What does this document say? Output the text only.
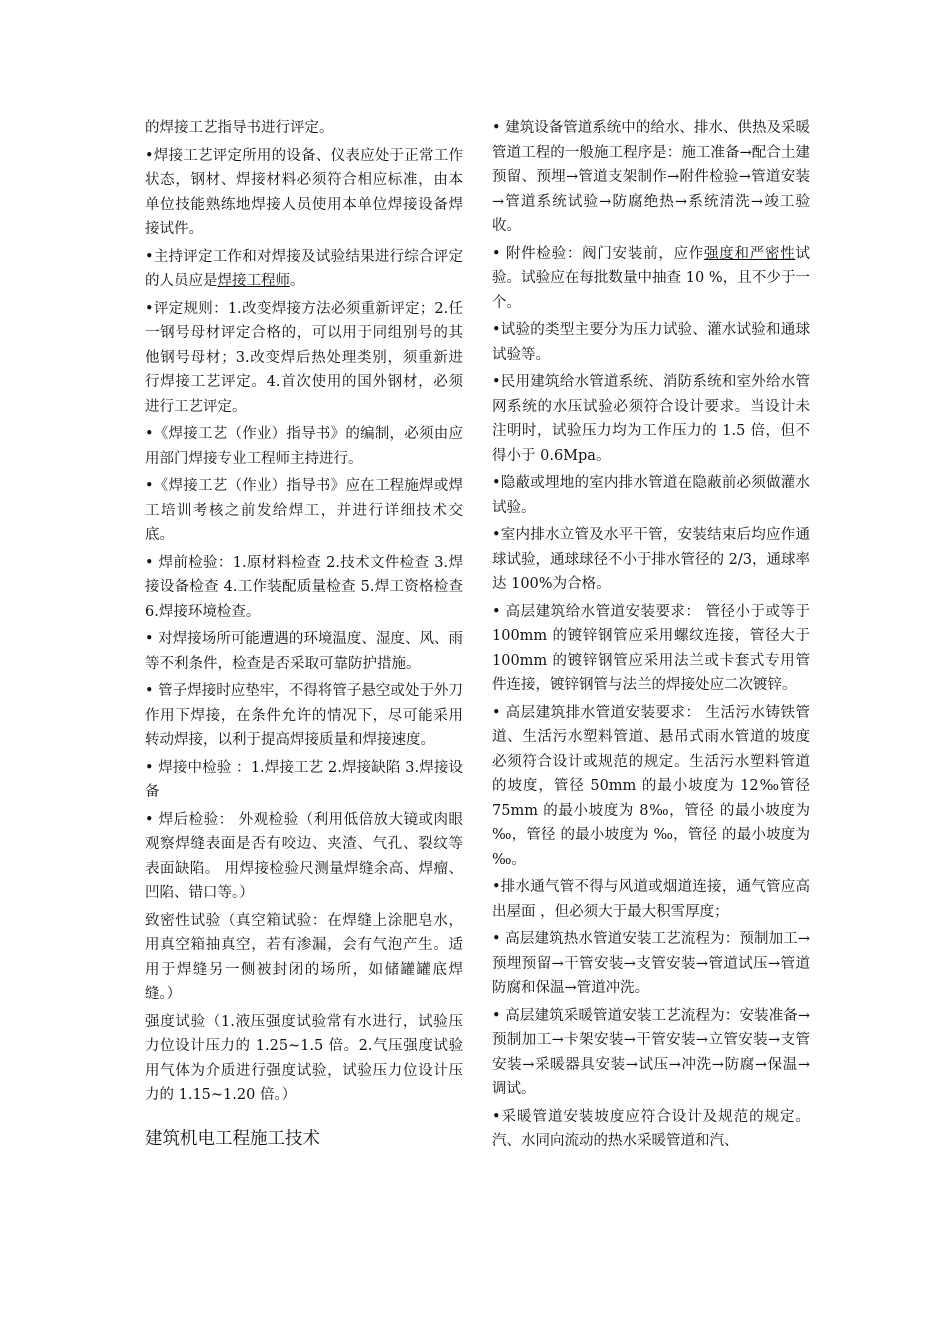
的焊接工艺指导书进行评定。

•焊接工艺评定所用的设备、仪表应处于正常工作状态，钢材、焊接材料必须符合相应标准，由本单位技能熟练地焊接人员使用本单位焊接设备焊接试件。

•主持评定工作和对焊接及试验结果进行综合评定的人员应是焊接工程师。

•评定规则：1.改变焊接方法必须重新评定；2.任一钢号母材评定合格的，可以用于同组别号的其他钢号母材；3.改变焊后热处理类别，须重新进行焊接工艺评定。4.首次使用的国外钢材，必须进行工艺评定。

•《焊接工艺（作业）指导书》的编制，必须由应用部门焊接专业工程师主持进行。

•《焊接工艺（作业）指导书》应在工程施焊或焊工培训考核之前发给焊工，并进行详细技术交底。

• 焊前检验：1.原材料检查 2.技术文件检查 3.焊接设备检查 4.工作装配质量检查 5.焊工资格检查 6.焊接环境检查。

• 对焊接场所可能遭遇的环境温度、湿度、风、雨等不利条件，检查是否采取可靠防护措施。

• 管子焊接时应垫牢，不得将管子悬空或处于外刀作用下焊接，在条件允许的情况下，尽可能采用转动焊接，以利于提高焊接质量和焊接速度。

• 焊接中检验 ：1.焊接工艺 2.焊接缺陷 3.焊接设备

• 焊后检验： 外观检验（利用低倍放大镜或肉眼观察焊缝表面是否有咬边、夹渣、气孔、裂纹等表面缺陷。 用焊接检验尺测量焊缝余高、焊瘤、凹陷、错口等。）

致密性试验（真空箱试验：在焊缝上涂肥皂水，用真空箱抽真空，若有渗漏，会有气泡产生。适用于焊缝另一侧被封闭的场所，如储罐罐底焊缝。）

强度试验（1.液压强度试验常有水进行，试验压力位设计压力的 1.25~1.5 倍。2.气压强度试验用气体为介质进行强度试验，试验压力位设计压力的 1.15~1.20 倍。）

建筑机电工程施工技术

• 建筑设备管道系统中的给水、排水、供热及采暖管道工程的一般施工程序是：施工准备→配合土建预留、预埋→管道支架制作→附件检验→管道安装→管道系统试验→防腐绝热→系统清洗→竣工验收。

• 附件检验：阀门安装前，应作强度和严密性试验。试验应在每批数量中抽查 10 %，且不少于一个。

•试验的类型主要分为压力试验、灌水试验和通球试验等。

•民用建筑给水管道系统、消防系统和室外给水管网系统的水压试验必须符合设计要求。当设计未注明时，试验压力均为工作压力的 1.5 倍，但不得小于 0.6Mpa。

•隐蔽或埋地的室内排水管道在隐蔽前必须做灌水试验。

•室内排水立管及水平干管，安装结束后均应作通球试验，通球球径不小于排水管径的 2/3，通球率达 100%为合格。

• 高层建筑给水管道安装要求： 管径小于或等于 100mm 的镀锌钢管应采用螺纹连接，管径大于 100mm 的镀锌钢管应采用法兰或卡套式专用管件连接，镀锌钢管与法兰的焊接处应二次镀锌。

• 高层建筑排水管道安装要求： 生活污水铸铁管道、生活污水塑料管道、悬吊式雨水管道的坡度必须符合设计或规范的规定。生活污水塑料管道的坡度，管径 50mm 的最小坡度为 12‰管径 75mm 的最小坡度为 8‰，管径 的最小坡度为 ‰，管径 的最小坡度为 ‰，管径 的最小坡度为 ‰。

•排水通气管不得与风道或烟道连接，通气管应高出屋面 ，但必须大于最大积雪厚度；

• 高层建筑热水管道安装工艺流程为：预制加工→预埋预留→干管安装→支管安装→管道试压→管道防腐和保温→管道冲洗。

• 高层建筑采暖管道安装工艺流程为：安装准备→预制加工→卡架安装→干管安装→立管安装→支管安装→采暖器具安装→试压→冲洗→防腐→保温→调试。

•采暖管道安装坡度应符合设计及规范的规定。 汽、水同向流动的热水采暖管道和汽、
